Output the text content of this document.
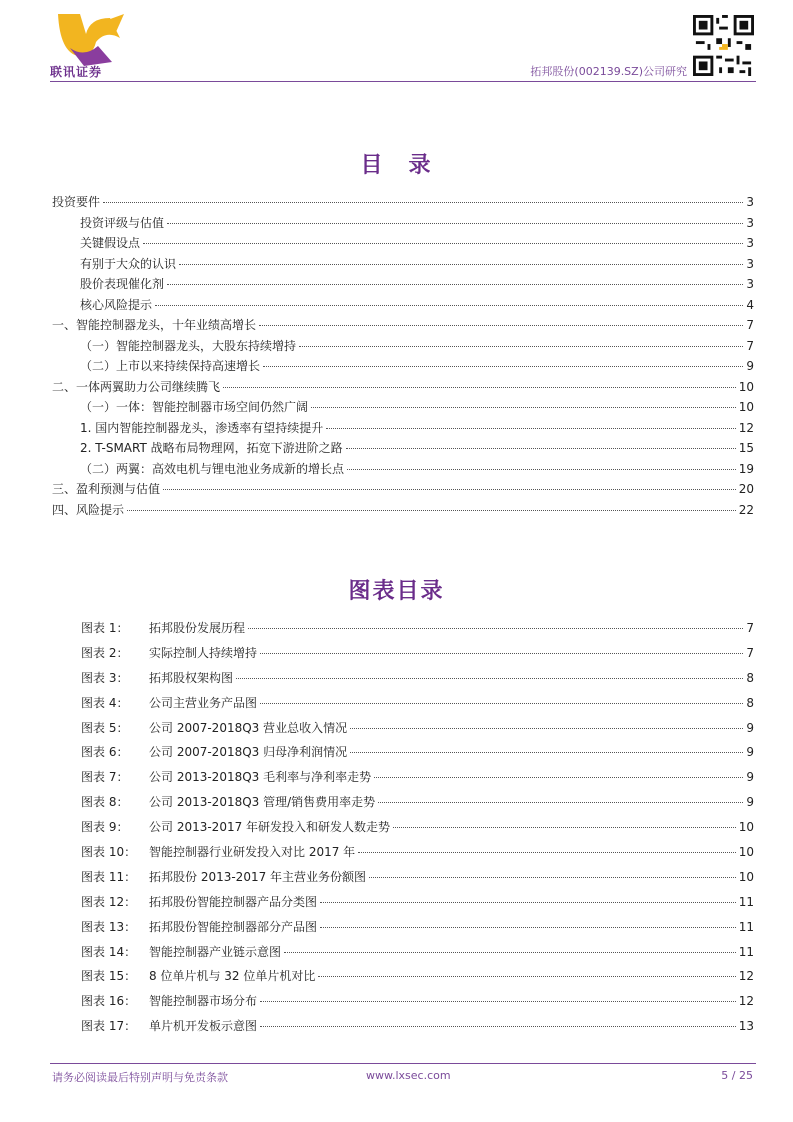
联讯证券	拓邦股份(002139.SZ)公司研究
目　录
投资要件	3
投资评级与估值	3
关键假设点	3
有别于大众的认识	3
股价表现催化剂	3
核心风险提示	4
一、智能控制器龙头，十年业绩高增长	7
（一）智能控制器龙头，大股东持续增持	7
（二）上市以来持续保持高速增长	9
二、一体两翼助力公司继续腾飞	10
（一）一体：智能控制器市场空间仍然广阔	10
1. 国内智能控制器龙头，渗透率有望持续提升	12
2. T-SMART 战略布局物理网，拓宽下游进阶之路	15
（二）两翼：高效电机与锂电池业务成新的增长点	19
三、盈利预测与估值	20
四、风险提示	22
图表目录
图表 1：	拓邦股份发展历程	7
图表 2：	实际控制人持续增持	7
图表 3：	拓邦股权架构图	8
图表 4：	公司主营业务产品图	8
图表 5：	公司 2007-2018Q3 营业总收入情况	9
图表 6：	公司 2007-2018Q3 归母净利润情况	9
图表 7：	公司 2013-2018Q3 毛利率与净利率走势	9
图表 8：	公司 2013-2018Q3 管理/销售费用率走势	9
图表 9：	公司 2013-2017 年研发投入和研发人数走势	10
图表 10：	智能控制器行业研发投入对比 2017 年	10
图表 11：	拓邦股份 2013-2017 年主营业务份额图	10
图表 12：	拓邦股份智能控制器产品分类图	11
图表 13：	拓邦股份智能控制器部分产品图	11
图表 14：	智能控制器产业链示意图	11
图表 15：	8 位单片机与 32 位单片机对比	12
图表 16：	智能控制器市场分布	12
图表 17：	单片机开发板示意图	13
请务必阅读最后特别声明与免责条款	www.lxsec.com	5 / 25
